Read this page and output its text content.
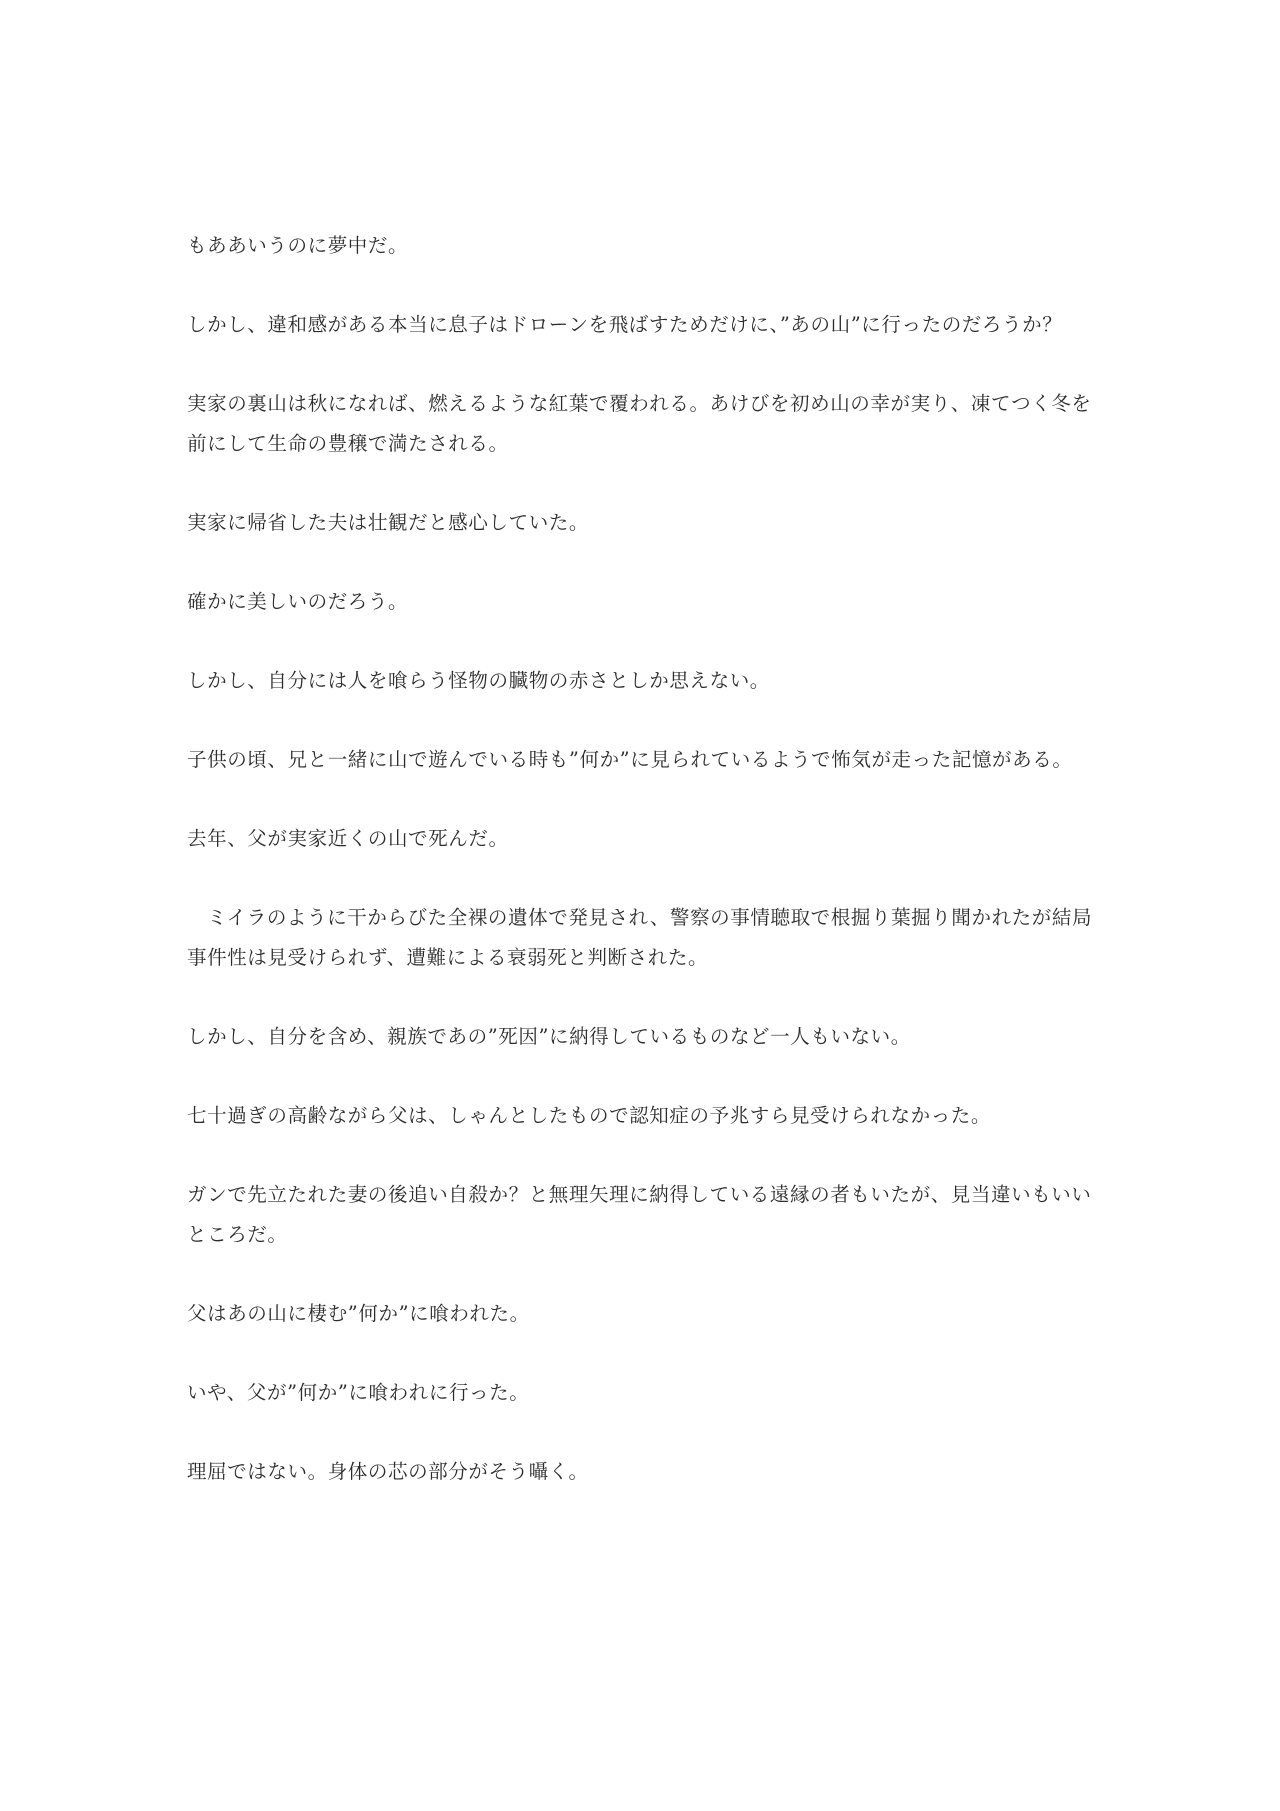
もああいうのに夢中だ。

しかし、違和感がある本当に息子はドローンを飛ばすためだけに、”あの山”に行ったのだろうか？

実家の裏山は秋になれば、燃えるような紅葉で覆われる。あけびを初め山の幸が実り、凍てつく冬を前にして生命の豊穣で満たされる。

実家に帰省した夫は壮観だと感心していた。

確かに美しいのだろう。

しかし、自分には人を喰らう怪物の臓物の赤さとしか思えない。

子供の頃、兄と一緒に山で遊んでいる時も”何か”に見られているようで怖気が走った記憶がある。

去年、父が実家近くの山で死んだ。

　ミイラのように干からびた全裸の遺体で発見され、警察の事情聴取で根掘り葉掘り聞かれたが結局事件性は見受けられず、遭難による衰弱死と判断された。

しかし、自分を含め、親族であの”死因”に納得しているものなど一人もいない。

七十過ぎの高齢ながら父は、しゃんとしたもので認知症の予兆すら見受けられなかった。

ガンで先立たれた妻の後追い自殺か？と無理矢理に納得している遠縁の者もいたが、見当違いもいいところだ。

父はあの山に棲む”何か”に喰われた。

いや、父が”何か”に喰われに行った。

理屈ではない。身体の芯の部分がそう囁く。
